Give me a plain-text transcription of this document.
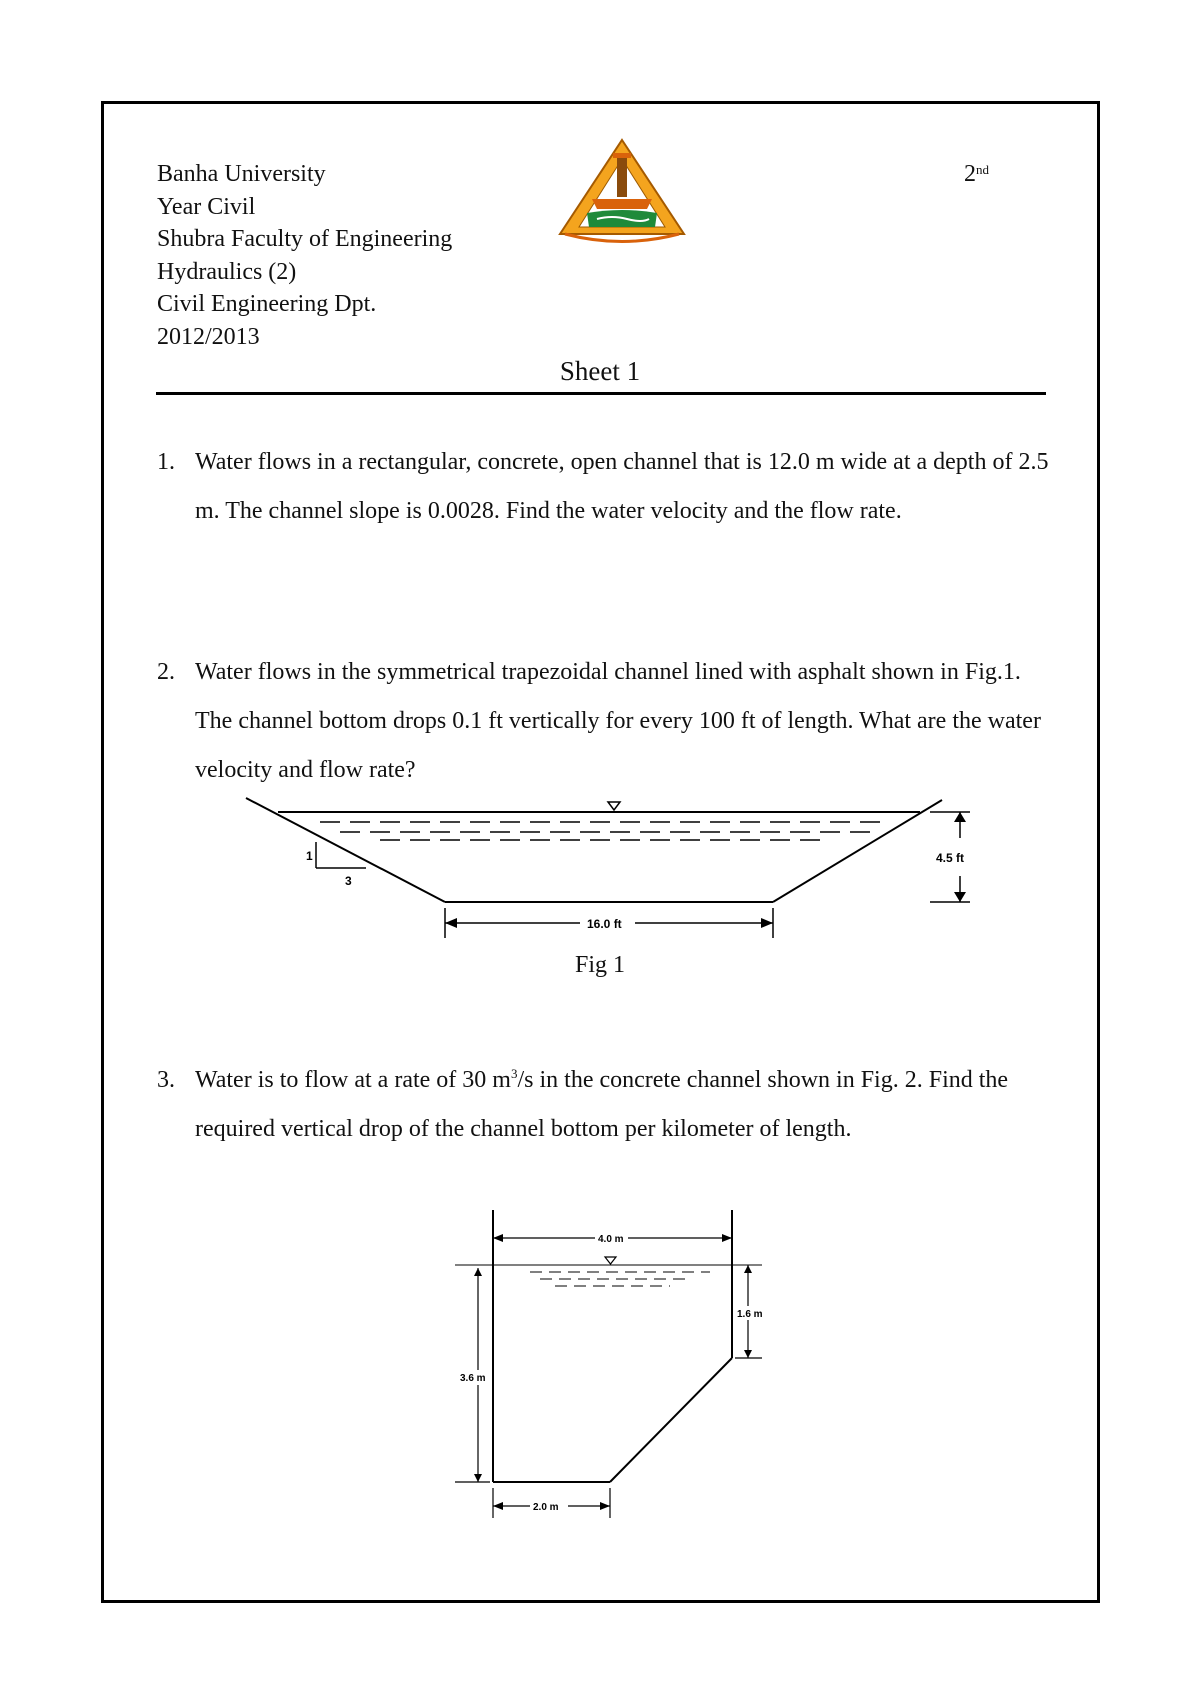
Banha University
Year Civil
Shubra Faculty of Engineering
Hydraulics (2)
Civil Engineering Dpt.
2012/2013
2nd
Sheet 1
1. Water flows in a rectangular, concrete, open channel that is 12.0 m wide at a depth of 2.5 m. The channel slope is 0.0028. Find the water velocity and the flow rate.
2. Water flows in the symmetrical trapezoidal channel lined with asphalt shown in Fig.1. The channel bottom drops 0.1 ft vertically for every 100 ft of length. What are the water velocity and flow rate?
1
3
4.5 ft
16.0 ft
Fig 1
3. Water is to flow at a rate of 30 $m^3/s$ in the concrete channel shown in Fig. 2. Find the required vertical drop of the channel bottom per kilometer of length.
4.0 m
1.6 m
3.6 m
2.0 m
